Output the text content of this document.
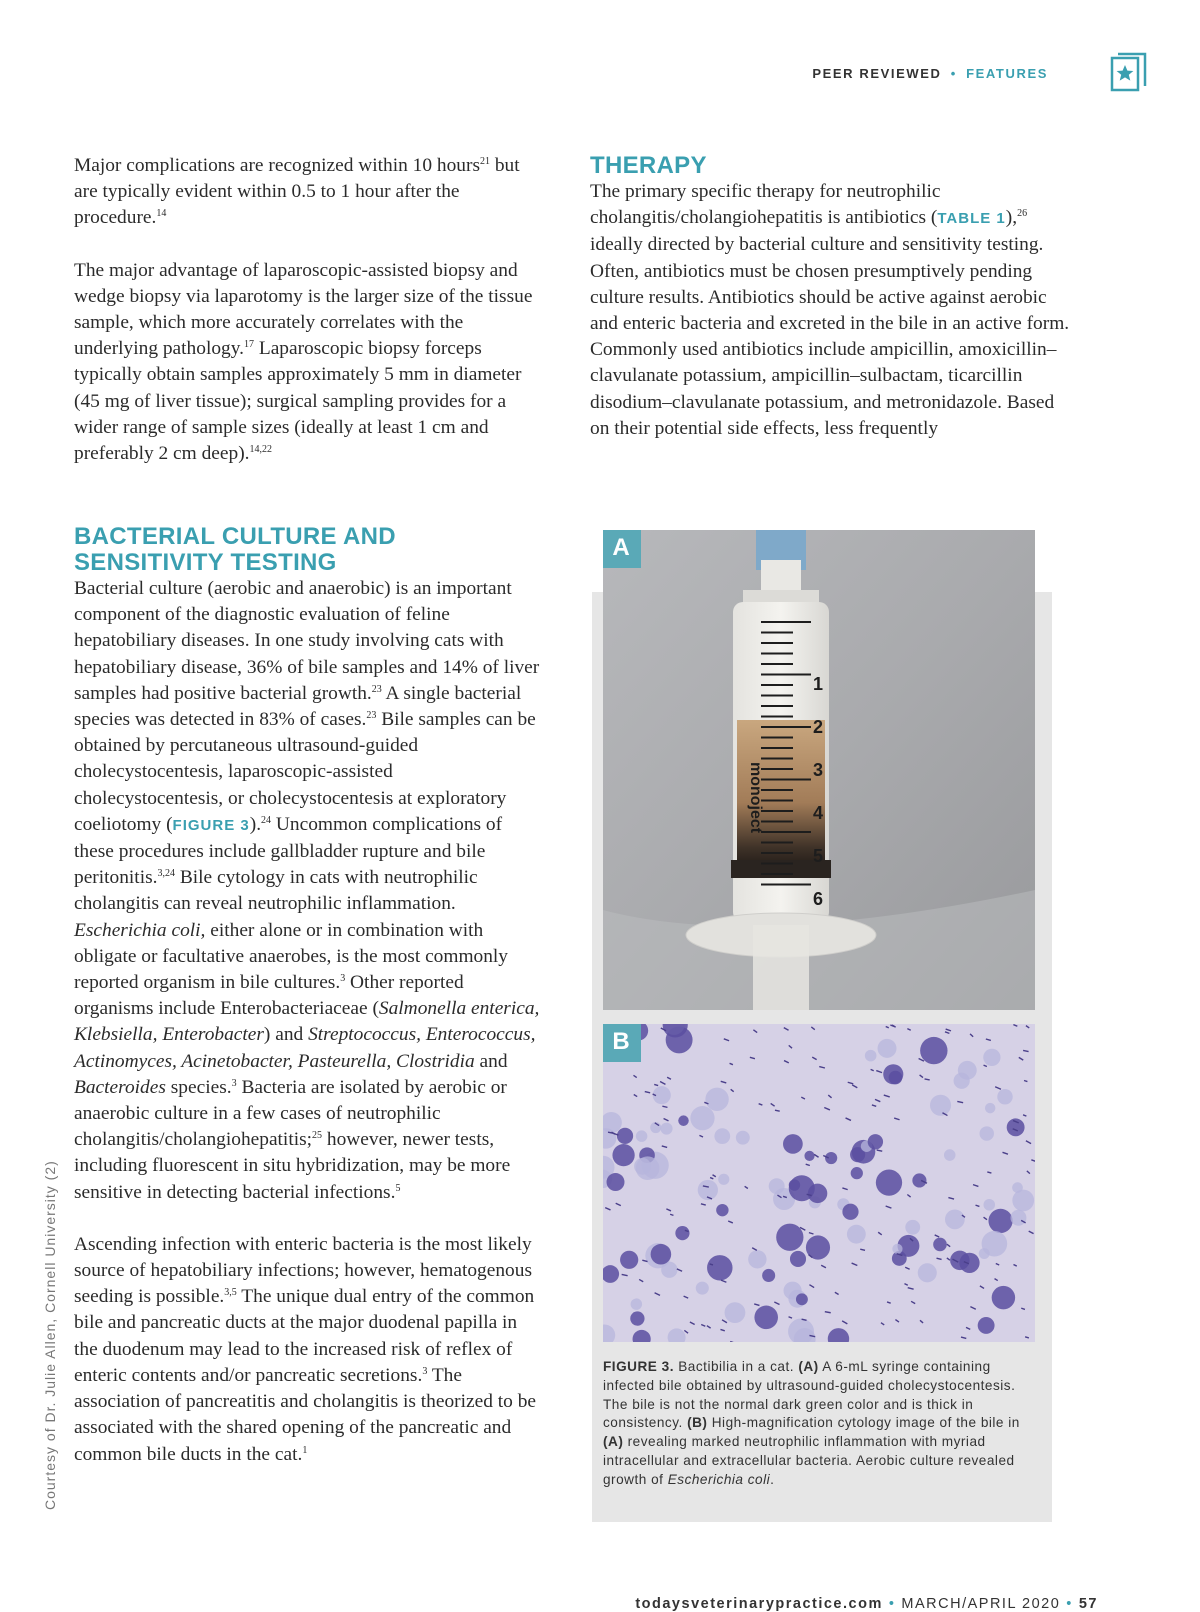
PEER REVIEWED • FEATURES

Major complications are recognized within 10 hours$^{21}$ but are typically evident within 0.5 to 1 hour after the procedure.$^{14}$

The major advantage of laparoscopic-assisted biopsy and wedge biopsy via laparotomy is the larger size of the tissue sample, which more accurately correlates with the underlying pathology.$^{17}$ Laparoscopic biopsy forceps typically obtain samples approximately 5 mm in diameter (45 mg of liver tissue); surgical sampling provides for a wider range of sample sizes (ideally at least 1 cm and preferably 2 cm deep).$^{14,22}$

BACTERIAL CULTURE AND
SENSITIVITY TESTING

Bacterial culture (aerobic and anaerobic) is an important component of the diagnostic evaluation of feline hepatobiliary diseases. In one study involving cats with hepatobiliary disease, 36% of bile samples and 14% of liver samples had positive bacterial growth.$^{23}$ A single bacterial species was detected in 83% of cases.$^{23}$ Bile samples can be obtained by percutaneous ultrasound-guided cholecystocentesis, laparoscopic-assisted cholecystocentesis, or cholecystocentesis at exploratory coeliotomy (FIGURE 3).$^{24}$ Uncommon complications of these procedures include gallbladder rupture and bile peritonitis.$^{3,24}$ Bile cytology in cats with neutrophilic cholangitis can reveal neutrophilic inflammation. Escherichia coli, either alone or in combination with obligate or facultative anaerobes, is the most commonly reported organism in bile cultures.$^3$ Other reported organisms include Enterobacteriaceae (Salmonella enterica, Klebsiella, Enterobacter) and Streptococcus, Enterococcus, Actinomyces, Acinetobacter, Pasteurella, Clostridia and Bacteroides species.$^3$ Bacteria are isolated by aerobic or anaerobic culture in a few cases of neutrophilic cholangitis/cholangiohepatitis;$^{25}$ however, newer tests, including fluorescent in situ hybridization, may be more sensitive in detecting bacterial infections.$^5$

Ascending infection with enteric bacteria is the most likely source of hepatobiliary infections; however, hematogenous seeding is possible.$^{3,5}$ The unique dual entry of the common bile and pancreatic ducts at the major duodenal papilla in the duodenum may lead to the increased risk of reflex of enteric contents and/or pancreatic secretions.$^3$ The association of pancreatitis and cholangitis is theorized to be associated with the shared opening of the pancreatic and common bile ducts in the cat.$^1$

THERAPY

The primary specific therapy for neutrophilic cholangitis/cholangiohepatitis is antibiotics (TABLE 1),$^{26}$ ideally directed by bacterial culture and sensitivity testing. Often, antibiotics must be chosen presumptively pending culture results. Antibiotics should be active against aerobic and enteric bacteria and excreted in the bile in an active form. Commonly used antibiotics include ampicillin, amoxicillin–clavulanate potassium, ampicillin–sulbactam, ticarcillin disodium–clavulanate potassium, and metronidazole. Based on their potential side effects, less frequently

Courtesy of Dr. Julie Allen, Cornell University (2)
monoject
1
2
3
4
5
6
A
B
FIGURE 3. Bactibilia in a cat. (A) A 6-mL syringe containing infected bile obtained by ultrasound-guided cholecystocentesis. The bile is not the normal dark green color and is thick in consistency. (B) High-magnification cytology image of the bile in (A) revealing marked neutrophilic inflammation with myriad intracellular and extracellular bacteria. Aerobic culture revealed growth of Escherichia coli.
todaysveterinarypractice.com • MARCH/APRIL 2020 • 57
